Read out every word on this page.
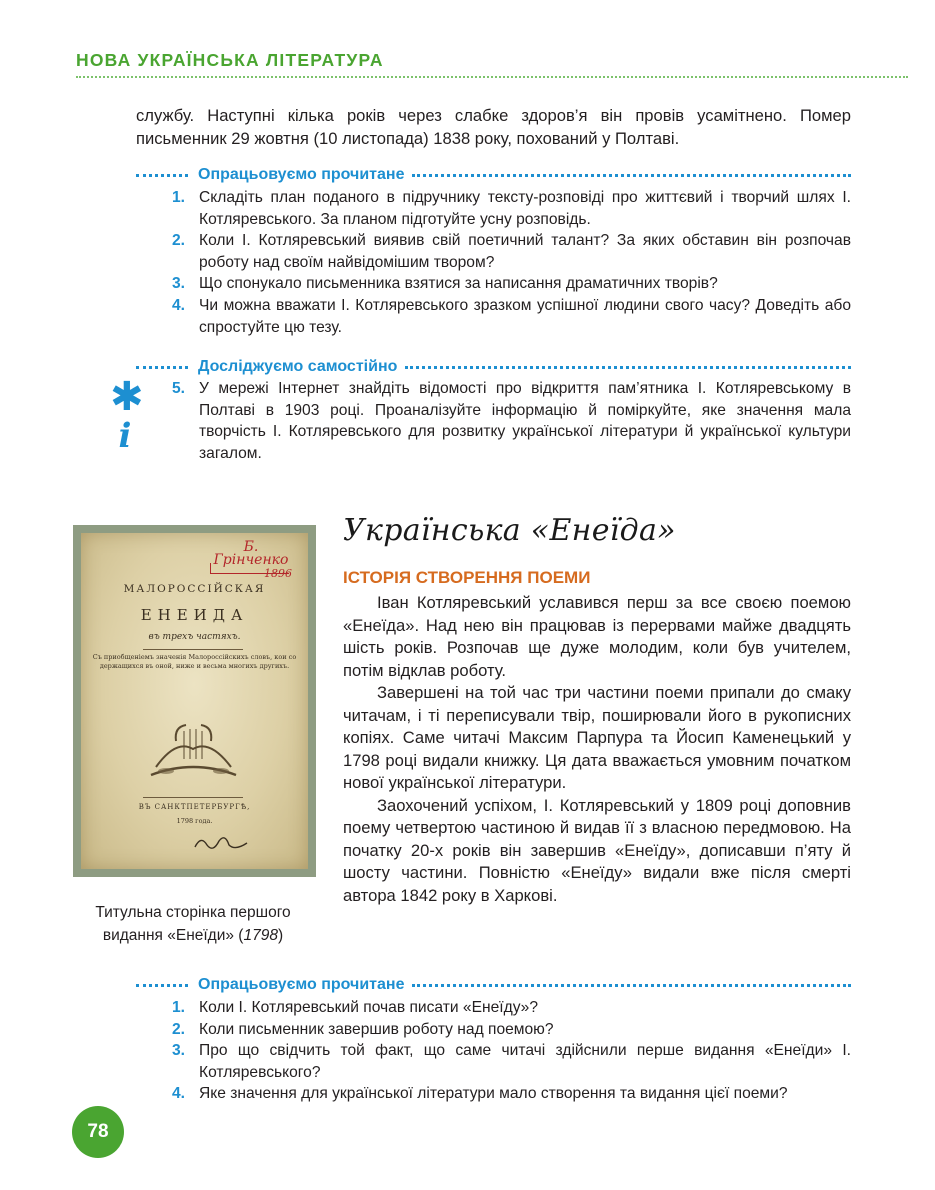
НОВА УКРАЇНСЬКА ЛІТЕРАТУРА

службу. Наступні кілька років через слабке здоров’я він провів усамітнено. Помер письменник 29 жовтня (10 листопада) 1838 року, похований у Полтаві.

Опрацьовуємо прочитане
1. Складіть план поданого в підручнику тексту-розповіді про життєвий і творчий шлях І. Котляревського. За планом підготуйте усну розповідь.
2. Коли І. Котляревський виявив свій поетичний талант? За яких обставин він розпочав роботу над своїм найвідомішим твором?
3. Що спонукало письменника взятися за написання драматичних творів?
4. Чи можна вважати І. Котляревського зразком успішної людини свого часу? Доведіть або спростуйте цю тезу.
Досліджуємо самостійно
✱
i
5. У мережі Інтернет знайдіть відомості про відкриття пам’ятника І. Котляревському в Полтаві в 1903 році. Проаналізуйте інформацію й поміркуйте, яке значення мала творчість І. Котляревського для розвитку української літератури й української культури загалом.
Б. Грінченко
1896
МАЛОРОССІЙСКАЯ
ЕНЕИДА
въ трехъ частяхъ.
Съ приобщеніемъ значенія Малороссійскихъ словъ, кои со держащихся въ оной, ниже и весьма многихъ другихъ.
ВЪ САНКТПЕТЕРБУРГѢ,
1798 года.
Титульна сторінка першого видання «Енеїди» (1798)
Українська «Енеїда»
ІСТОРІЯ СТВОРЕННЯ ПОЕМИ

Іван Котляревський уславився перш за все своєю поемою «Енеїда». Над нею він працював із перервами майже двадцять шість років. Розпочав ще дуже молодим, коли був учителем, потім відклав роботу.

Завершені на той час три частини поеми припали до смаку читачам, і ті переписували твір, поширювали його в рукописних копіях. Саме читачі Максим Парпура та Йосип Каменецький у 1798 році видали книжку. Ця дата вважається умовним початком нової української літератури.

Заохочений успіхом, І. Котляревський у 1809 році доповнив поему четвертою частиною й видав її з власною передмовою. На початку 20-х років він завершив «Енеїду», дописавши п’яту й шосту частини. Повністю «Енеїду» видали вже після смерті автора 1842 року в Харкові.

Опрацьовуємо прочитане
1. Коли І. Котляревський почав писати «Енеїду»?
2. Коли письменник завершив роботу над поемою?
3. Про що свідчить той факт, що саме читачі здійснили перше видання «Енеїди» І. Котляревського?
4. Яке значення для української літератури мало створення та видання цієї поеми?
78
